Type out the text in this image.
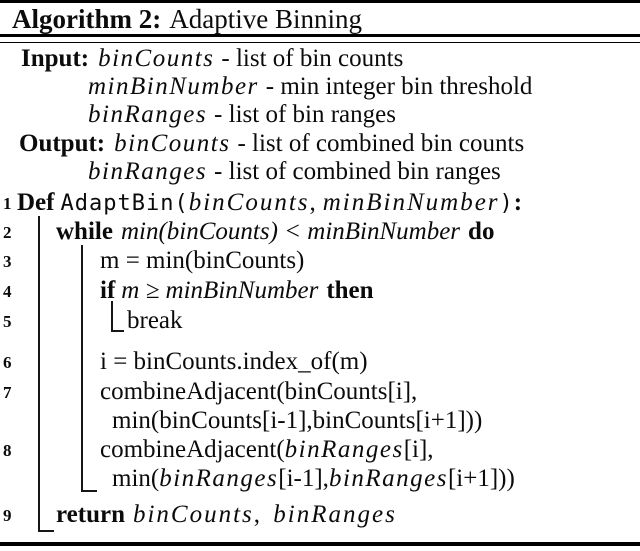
Algorithm 2: Adaptive Binning
Input: binCounts - list of bin counts
minBinNumber - min integer bin threshold
binRanges - list of bin ranges
Output: binCounts - list of combined bin counts
binRanges - list of combined bin ranges
1
2
3
4
5
6
7
8
9
Def AdaptBin(binCounts, minBinNumber):
while min(binCounts) < minBinNumber do
m = min(binCounts)
if m ≥ minBinNumber then
break
i = binCounts.index_of(m)
combineAdjacent(binCounts[i],
min(binCounts[i-1],binCounts[i+1]))
combineAdjacent(binRanges[i],
min(binRanges[i-1],binRanges[i+1]))
return binCounts, binRanges
